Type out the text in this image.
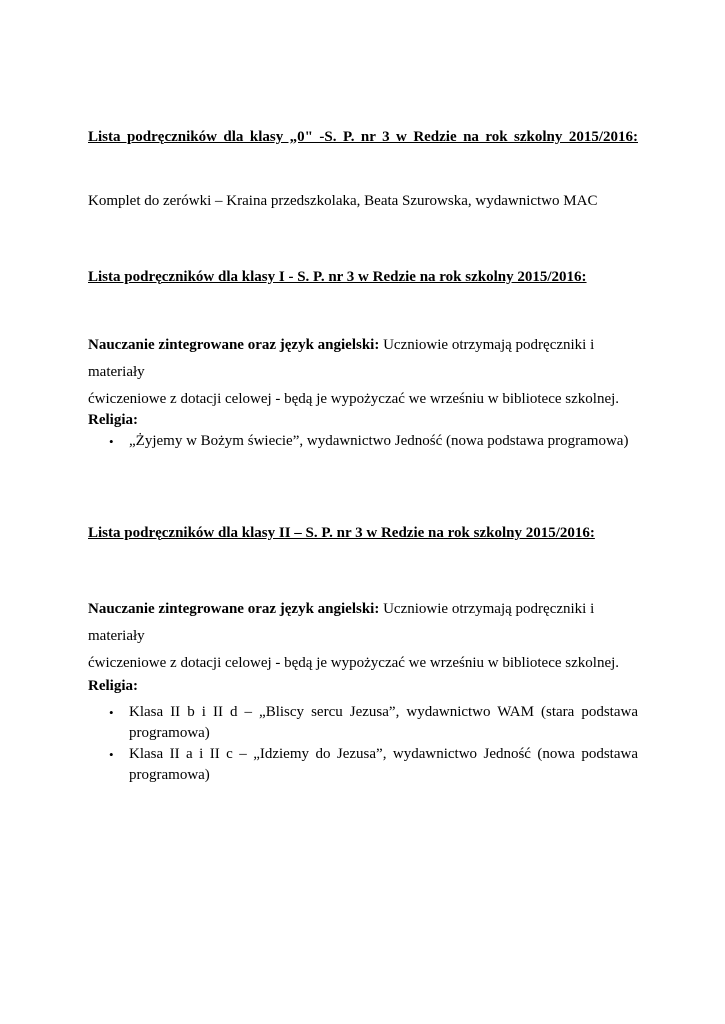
Lista podręczników dla klasy „0" -S. P. nr 3 w Redzie na rok szkolny 2015/2016:
Komplet do zerówki – Kraina przedszkolaka, Beata Szurowska, wydawnictwo MAC
Lista podręczników dla klasy I - S. P. nr 3 w Redzie na rok szkolny 2015/2016:
Nauczanie zintegrowane oraz język angielski: Uczniowie otrzymają podręczniki i materiały
ćwiczeniowe z dotacji celowej - będą je wypożyczać we wrześniu w bibliotece szkolnej.
Religia:
• „Żyjemy w Bożym świecie”, wydawnictwo Jedność (nowa podstawa programowa)
Lista podręczników dla klasy II – S. P. nr 3 w Redzie na rok szkolny 2015/2016:
Nauczanie zintegrowane oraz język angielski: Uczniowie otrzymają podręczniki i materiały
ćwiczeniowe z dotacji celowej - będą je wypożyczać we wrześniu w bibliotece szkolnej.
Religia:
• Klasa II b i II d – „Bliscy sercu Jezusa”, wydawnictwo WAM (stara podstawa programowa)
• Klasa II a i II c – „Idziemy do Jezusa”, wydawnictwo Jedność (nowa podstawa programowa)
